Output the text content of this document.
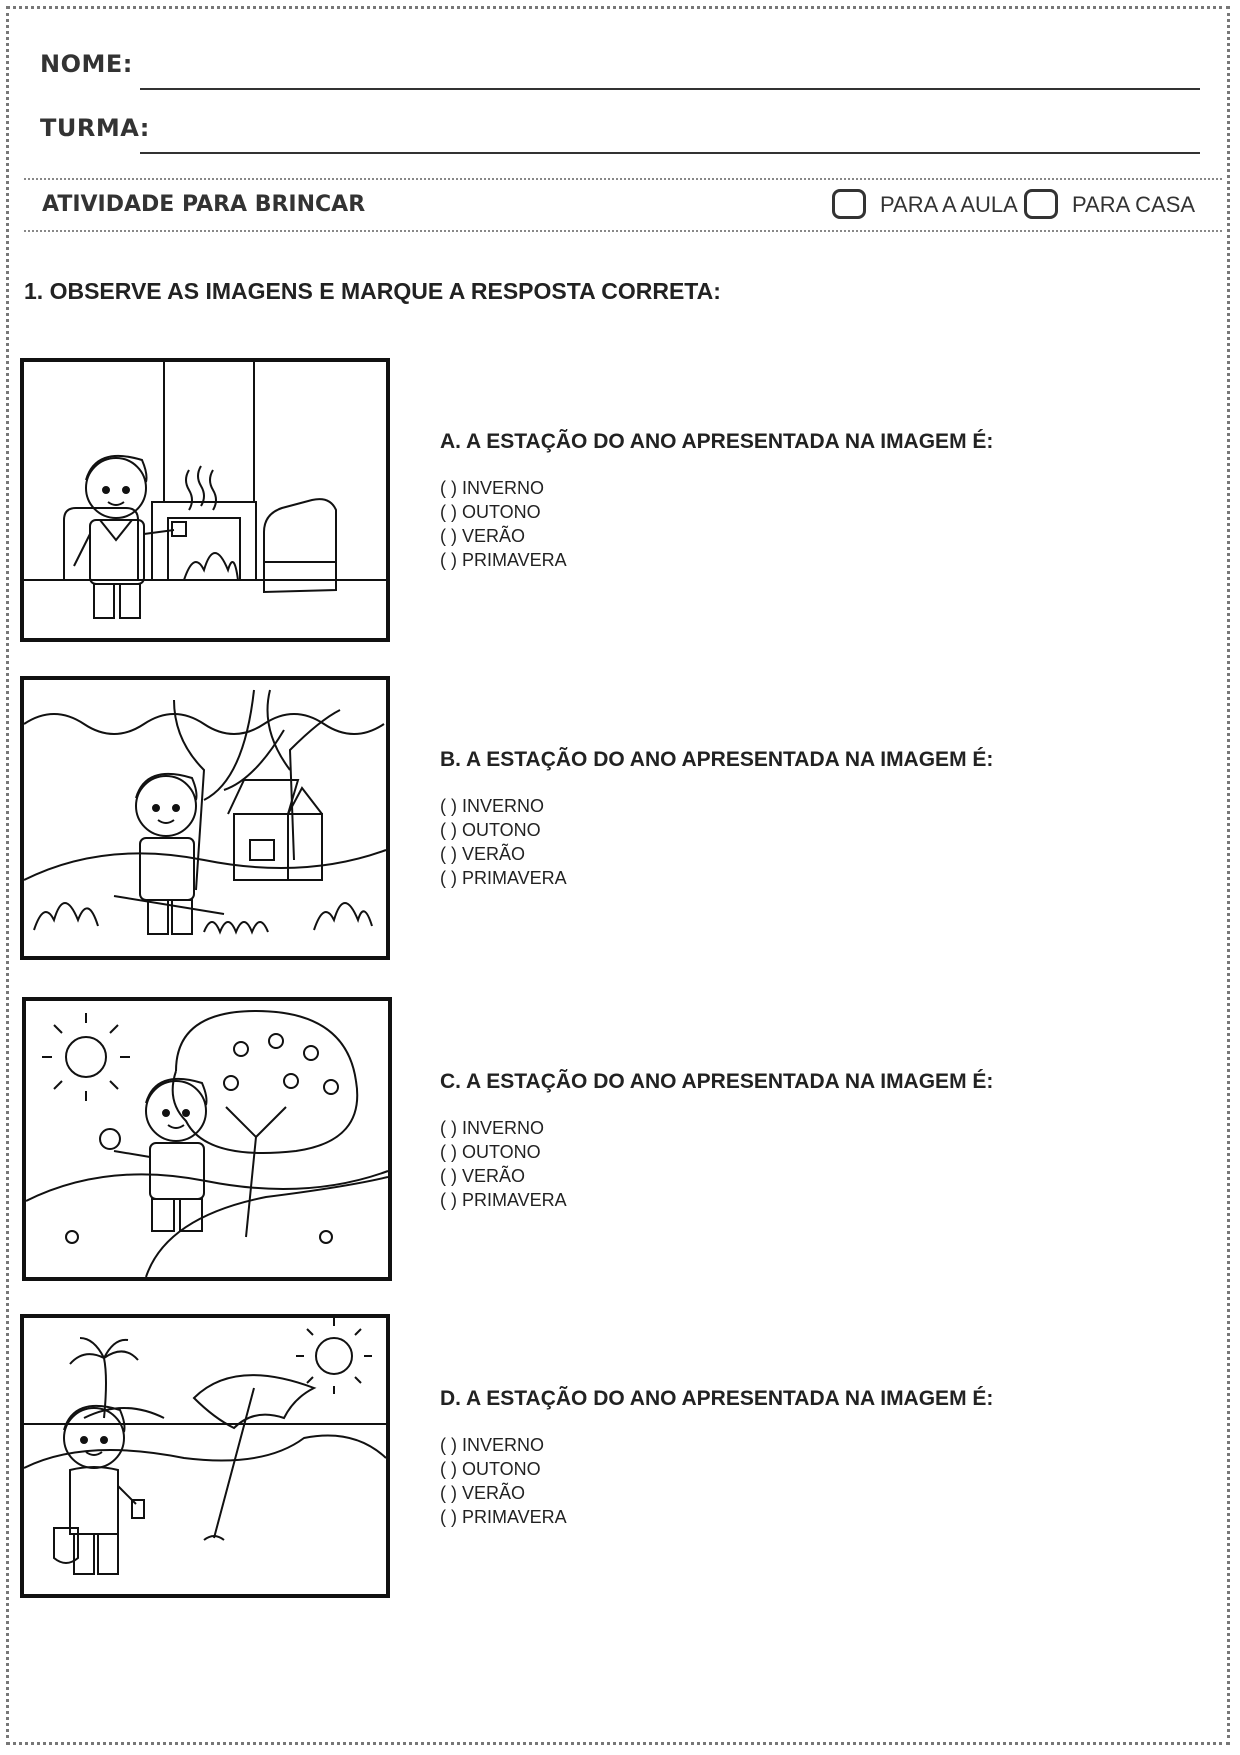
NOME:
TURMA:
ATIVIDADE PARA BRINCAR	PARA A AULA PARA CASA
1. OBSERVE AS IMAGENS E MARQUE A RESPOSTA CORRETA:
A. A ESTAÇÃO DO ANO APRESENTADA NA IMAGEM É:
( ) INVERNO
( ) OUTONO
( ) VERÃO
( ) PRIMAVERA
B. A ESTAÇÃO DO ANO APRESENTADA NA IMAGEM É:
( ) INVERNO
( ) OUTONO
( ) VERÃO
( ) PRIMAVERA
C. A ESTAÇÃO DO ANO APRESENTADA NA IMAGEM É:
( ) INVERNO
( ) OUTONO
( ) VERÃO
( ) PRIMAVERA
D. A ESTAÇÃO DO ANO APRESENTADA NA IMAGEM É:
( ) INVERNO
( ) OUTONO
( ) VERÃO
( ) PRIMAVERA
